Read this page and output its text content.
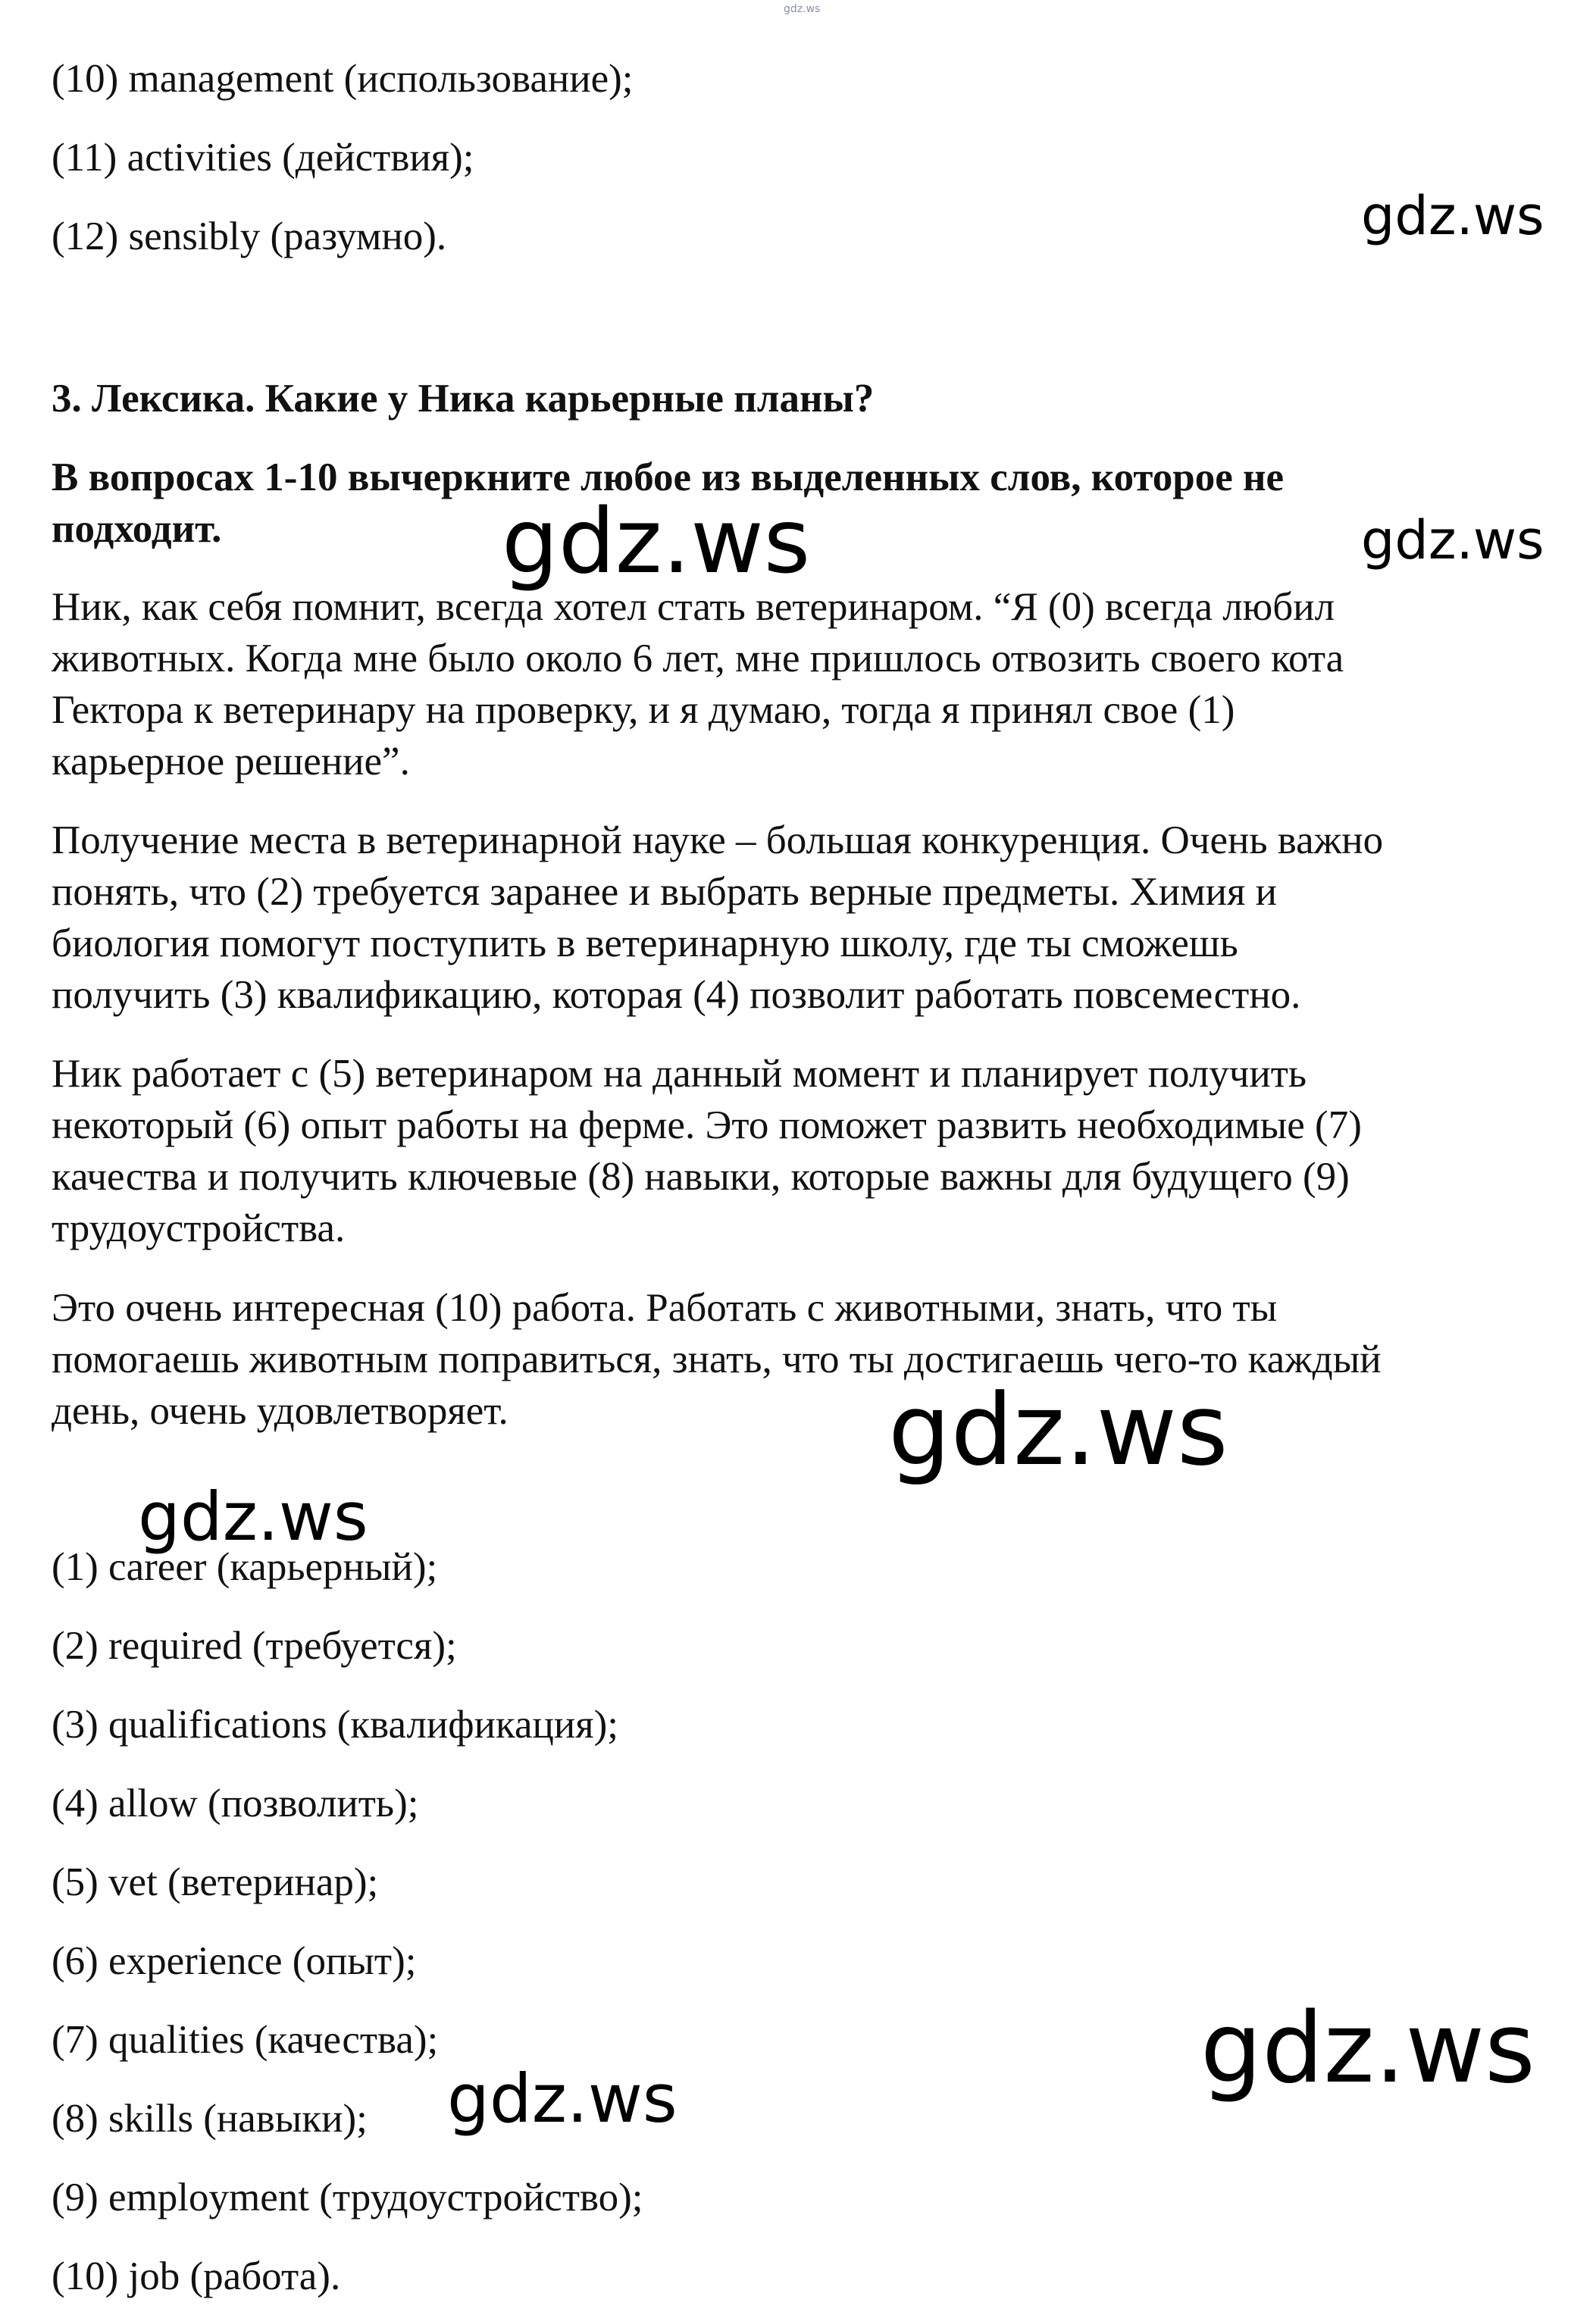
gdz.ws
(10) management (использование);
(11) activities (действия);
(12) sensibly (разумно).
3. Лексика. Какие у Ника карьерные планы?
В вопросах 1-10 вычеркните любое из выделенных слов, которое не
подходит.
Ник, как себя помнит, всегда хотел стать ветеринаром. “Я (0) всегда любил
животных. Когда мне было около 6 лет, мне пришлось отвозить своего кота
Гектора к ветеринару на проверку, и я думаю, тогда я принял свое (1)
карьерное решение”.
Получение места в ветеринарной науке – большая конкуренция. Очень важно
понять, что (2) требуется заранее и выбрать верные предметы. Химия и
биология помогут поступить в ветеринарную школу, где ты сможешь
получить (3) квалификацию, которая (4) позволит работать повсеместно.
Ник работает с (5) ветеринаром на данный момент и планирует получить
некоторый (6) опыт работы на ферме. Это поможет развить необходимые (7)
качества и получить ключевые (8) навыки, которые важны для будущего (9)
трудоустройства.
Это очень интересная (10) работа. Работать с животными, знать, что ты
помогаешь животным поправиться, знать, что ты достигаешь чего-то каждый
день, очень удовлетворяет.
(1) career (карьерный);
(2) required (требуется);
(3) qualifications (квалификация);
(4) allow (позволить);
(5) vet (ветеринар);
(6) experience (опыт);
(7) qualities (качества);
(8) skills (навыки);
(9) employment (трудоустройство);
(10) job (работа).
gdz.ws
gdz.ws	gdz.ws
gdz.ws
gdz.ws
gdz.ws
gdz.ws
